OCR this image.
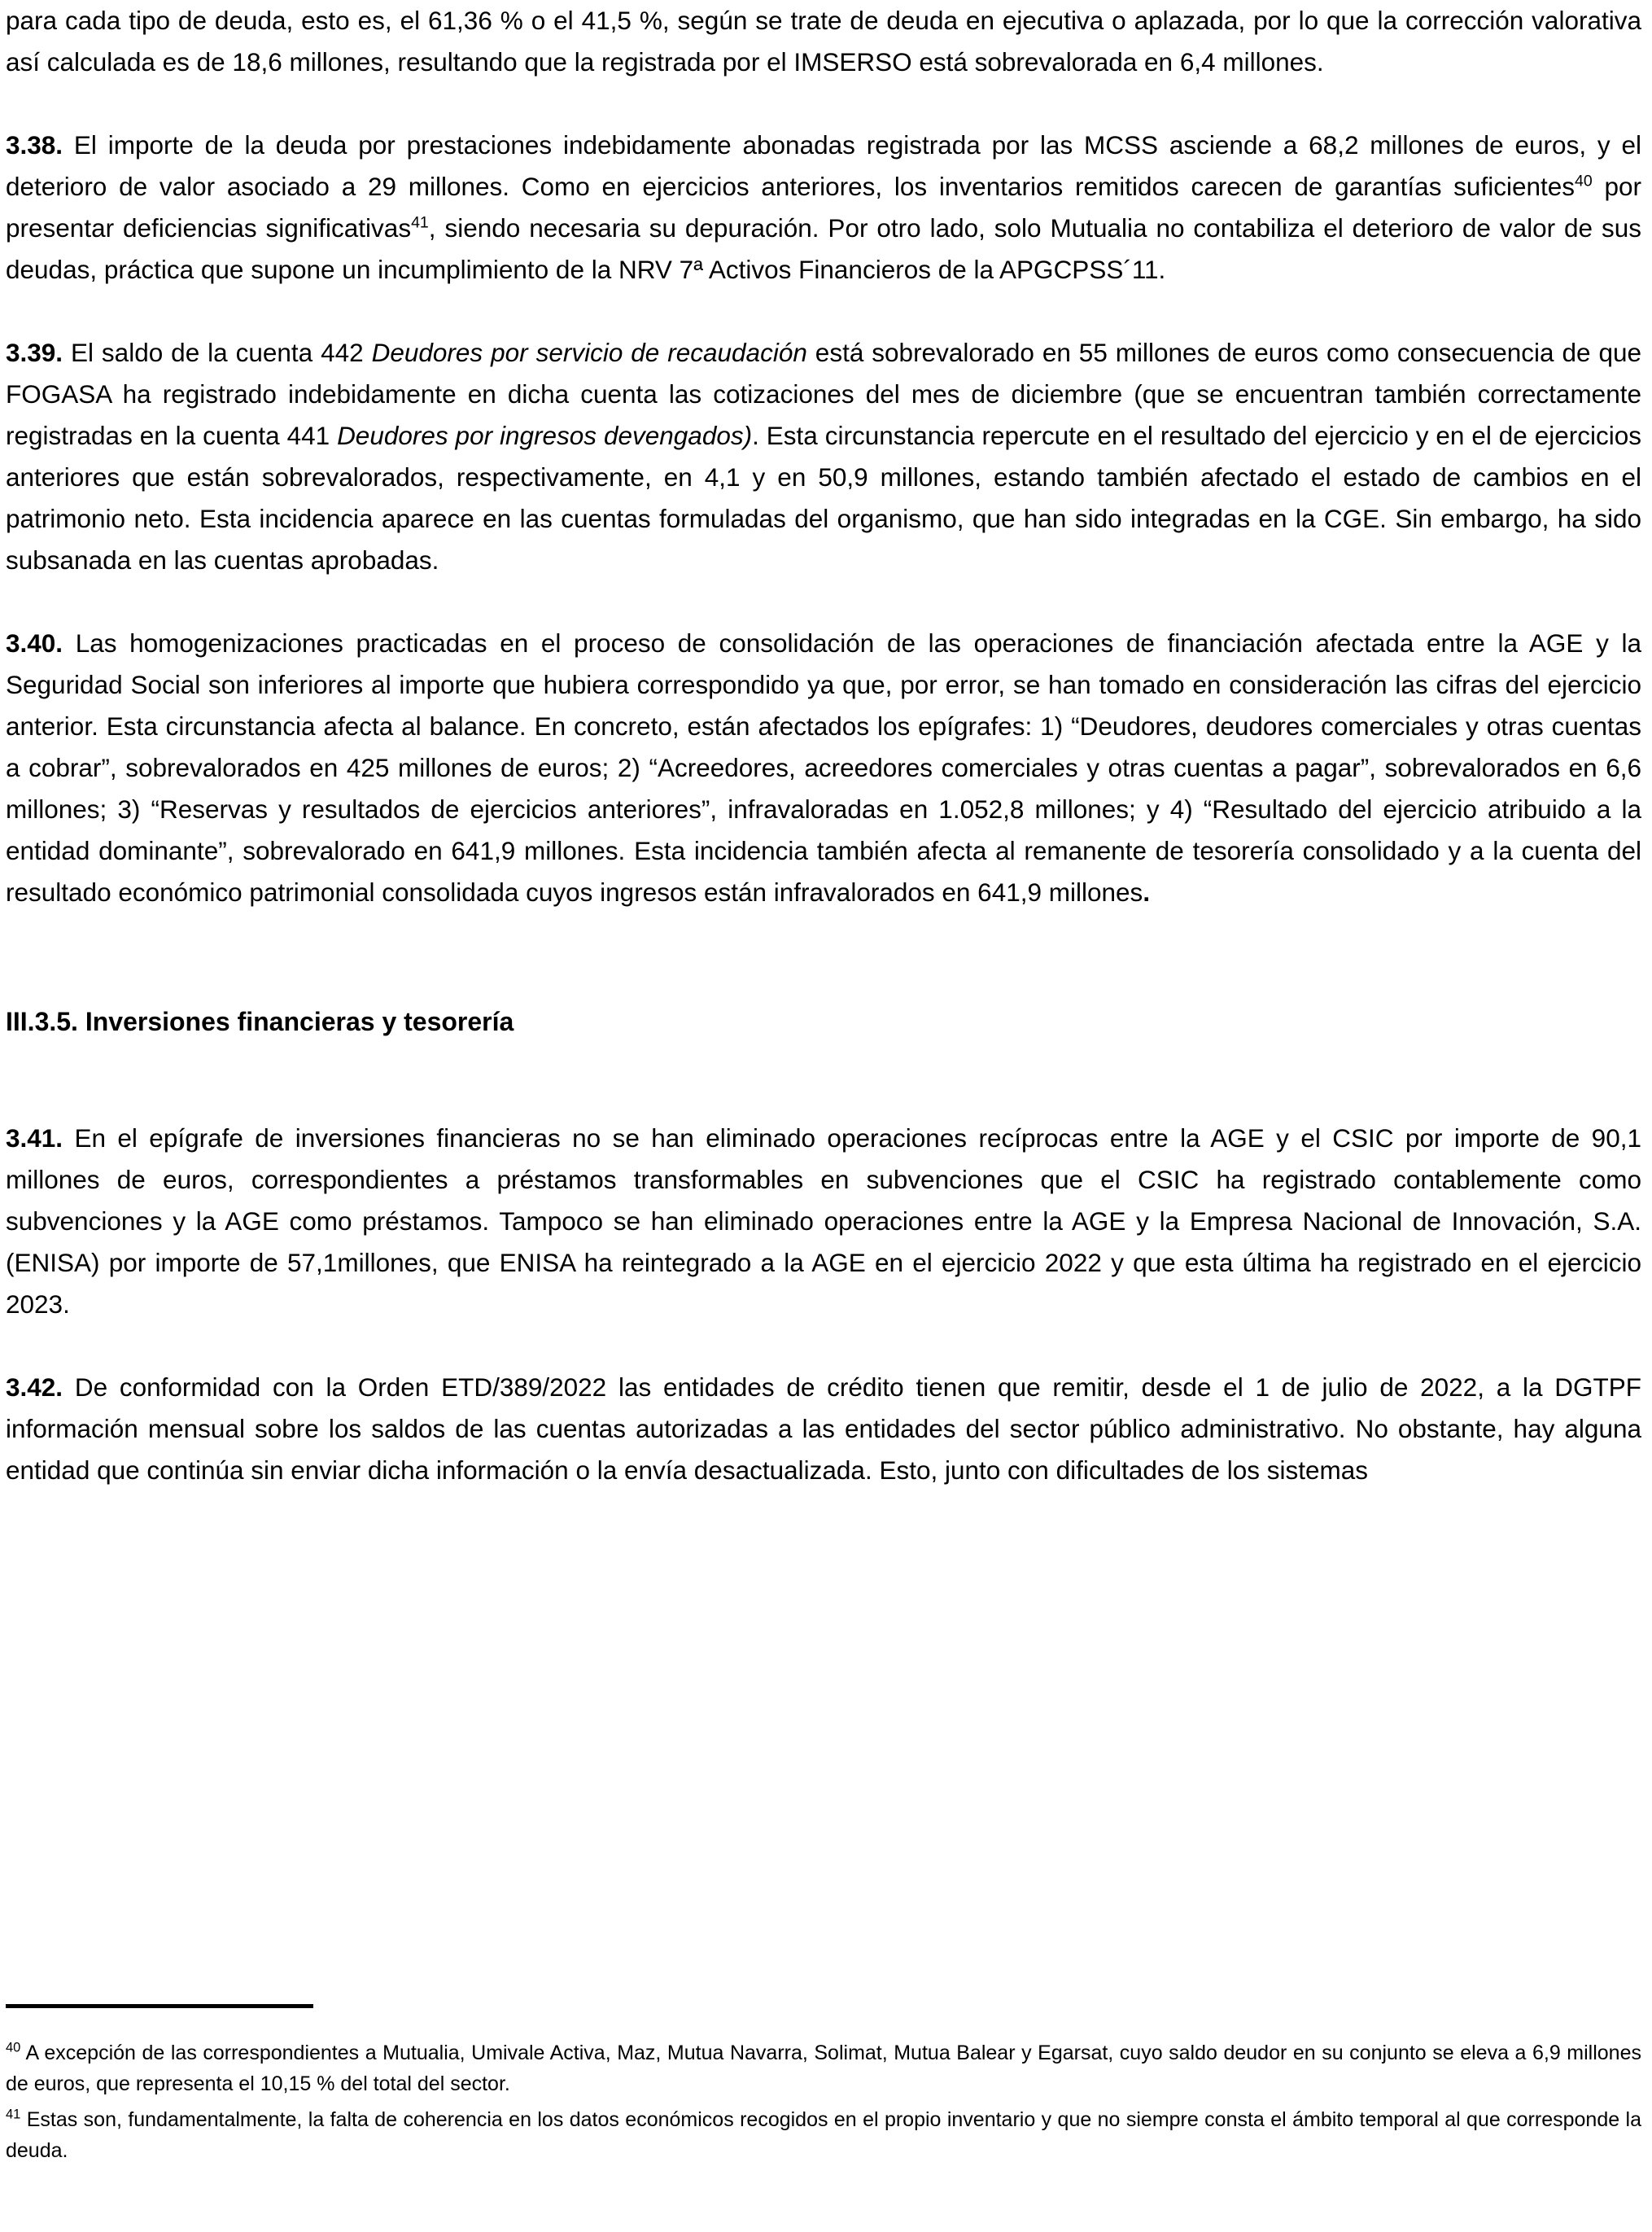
para cada tipo de deuda, esto es, el 61,36 % o el 41,5 %, según se trate de deuda en ejecutiva o aplazada, por lo que la corrección valorativa así calculada es de 18,6 millones, resultando que la registrada por el IMSERSO está sobrevalorada en 6,4 millones.

3.38. El importe de la deuda por prestaciones indebidamente abonadas registrada por las MCSS asciende a 68,2 millones de euros, y el deterioro de valor asociado a 29 millones. Como en ejercicios anteriores, los inventarios remitidos carecen de garantías suficientes$^{40}$ por presentar deficiencias significativas$^{41}$, siendo necesaria su depuración. Por otro lado, solo Mutualia no contabiliza el deterioro de valor de sus deudas, práctica que supone un incumplimiento de la NRV 7ª Activos Financieros de la APGCPSS´11.

3.39. El saldo de la cuenta 442 Deudores por servicio de recaudación está sobrevalorado en 55 millones de euros como consecuencia de que FOGASA ha registrado indebidamente en dicha cuenta las cotizaciones del mes de diciembre (que se encuentran también correctamente registradas en la cuenta 441 Deudores por ingresos devengados). Esta circunstancia repercute en el resultado del ejercicio y en el de ejercicios anteriores que están sobrevalorados, respectivamente, en 4,1 y en 50,9 millones, estando también afectado el estado de cambios en el patrimonio neto. Esta incidencia aparece en las cuentas formuladas del organismo, que han sido integradas en la CGE. Sin embargo, ha sido subsanada en las cuentas aprobadas.

3.40. Las homogenizaciones practicadas en el proceso de consolidación de las operaciones de financiación afectada entre la AGE y la Seguridad Social son inferiores al importe que hubiera correspondido ya que, por error, se han tomado en consideración las cifras del ejercicio anterior. Esta circunstancia afecta al balance. En concreto, están afectados los epígrafes: 1) “Deudores, deudores comerciales y otras cuentas a cobrar”, sobrevalorados en 425 millones de euros; 2) “Acreedores, acreedores comerciales y otras cuentas a pagar”, sobrevalorados en 6,6 millones; 3) “Reservas y resultados de ejercicios anteriores”, infravaloradas en 1.052,8 millones; y 4) “Resultado del ejercicio atribuido a la entidad dominante”, sobrevalorado en 641,9 millones. Esta incidencia también afecta al remanente de tesorería consolidado y a la cuenta del resultado económico patrimonial consolidada cuyos ingresos están infravalorados en 641,9 millones.

III.3.5. Inversiones financieras y tesorería

3.41. En el epígrafe de inversiones financieras no se han eliminado operaciones recíprocas entre la AGE y el CSIC por importe de 90,1 millones de euros, correspondientes a préstamos transformables en subvenciones que el CSIC ha registrado contablemente como subvenciones y la AGE como préstamos. Tampoco se han eliminado operaciones entre la AGE y la Empresa Nacional de Innovación, S.A. (ENISA) por importe de 57,1millones, que ENISA ha reintegrado a la AGE en el ejercicio 2022 y que esta última ha registrado en el ejercicio 2023.

3.42. De conformidad con la Orden ETD/389/2022 las entidades de crédito tienen que remitir, desde el 1 de julio de 2022, a la DGTPF información mensual sobre los saldos de las cuentas autorizadas a las entidades del sector público administrativo. No obstante, hay alguna entidad que continúa sin enviar dicha información o la envía desactualizada. Esto, junto con dificultades de los sistemas

$^{40}$ A excepción de las correspondientes a Mutualia, Umivale Activa, Maz, Mutua Navarra, Solimat, Mutua Balear y Egarsat, cuyo saldo deudor en su conjunto se eleva a 6,9 millones de euros, que representa el 10,15 % del total del sector.

$^{41}$ Estas son, fundamentalmente, la falta de coherencia en los datos económicos recogidos en el propio inventario y que no siempre consta el ámbito temporal al que corresponde la deuda.
